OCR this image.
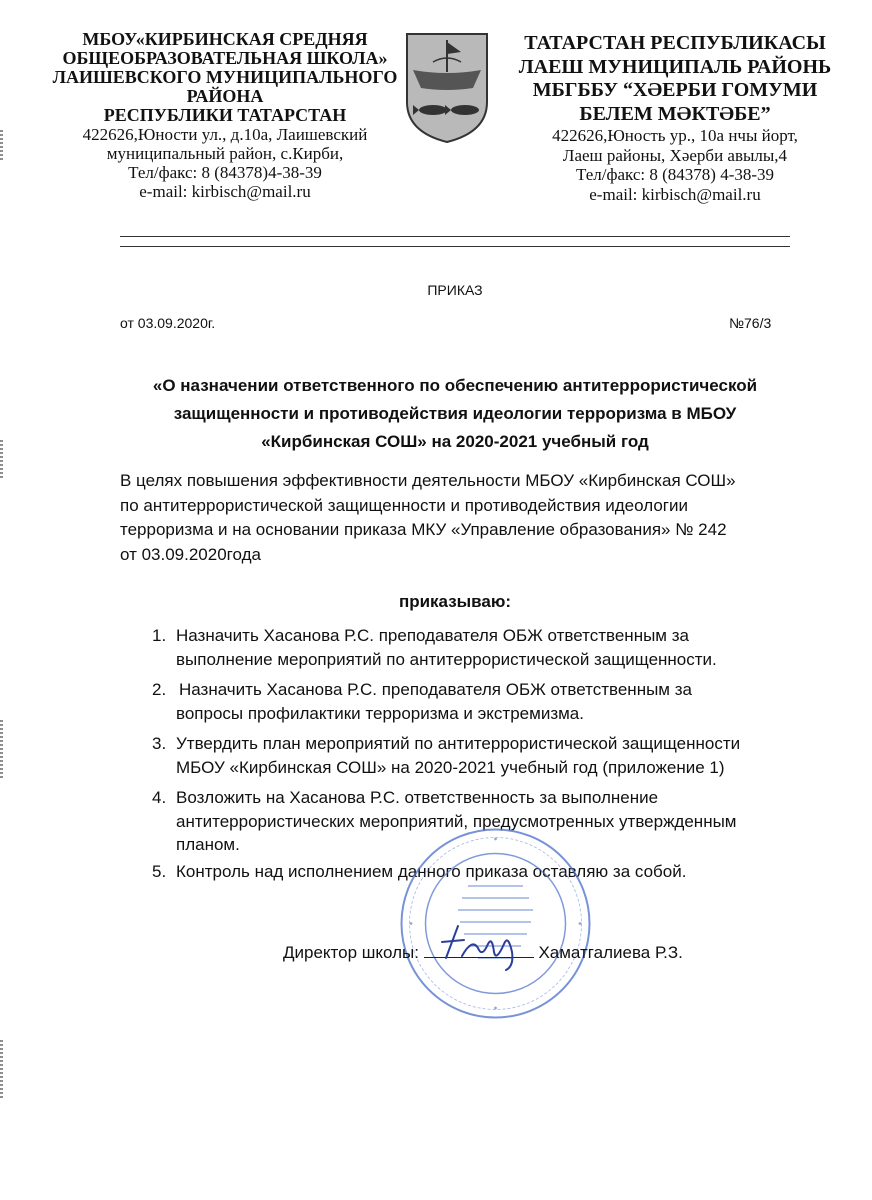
МБОУ«КИРБИНСКАЯ СРЕДНЯЯ
ОБЩЕОБРАЗОВАТЕЛЬНАЯ ШКОЛА»
ЛАИШЕВСКОГО МУНИЦИПАЛЬНОГО
РАЙОНА
РЕСПУБЛИКИ ТАТАРСТАН
422626,Юности ул., д.10а, Лаишевский
муниципальный район, с.Кирби,
Тел/факс: 8 (84378)4-38-39
e-mail: kirbisch@mail.ru
ТАТАРСТАН РЕСПУБЛИКАСЫ
ЛАЕШ МУНИЦИПАЛЬ РАЙОНЬ
МБГББУ “ХӘЕРБИ ГОМУМИ
БЕЛЕМ МӘКТӘБЕ”
422626,Юность ур., 10а нчы йорт,
Лаеш районы, Хәерби авылы,4
Тел/факс: 8 (84378) 4-38-39
e-mail: kirbisch@mail.ru
ПРИКАЗ
от 03.09.2020г.	№76/3
«О назначении ответственного по обеспечению антитеррористической
защищенности и противодействия идеологии терроризма в МБОУ
«Кирбинская СОШ» на 2020-2021 учебный год
В целях повышения эффективности деятельности МБОУ «Кирбинская СОШ»
по антитеррористической защищенности и противодействия идеологии
терроризма и на основании приказа МКУ «Управление образования» № 242
от 03.09.2020года
приказываю:
1. Назначить Хасанова Р.С. преподавателя ОБЖ ответственным за
выполнение мероприятий по антитеррористической защищенности.
2. Назначить Хасанова Р.С. преподавателя ОБЖ ответственным за
вопросы профилактики терроризма и экстремизма.
3. Утвердить план мероприятий по антитеррористической защищенности
МБОУ «Кирбинская СОШ» на 2020-2021 учебный год (приложение 1)
4. Возложить на Хасанова Р.С. ответственность за выполнение
антитеррористических мероприятий, предусмотренных утвержденным
планом.
5. Контроль над исполнением данного приказа оставляю за собой.
Директор школы:	Хаматгалиева Р.З.
